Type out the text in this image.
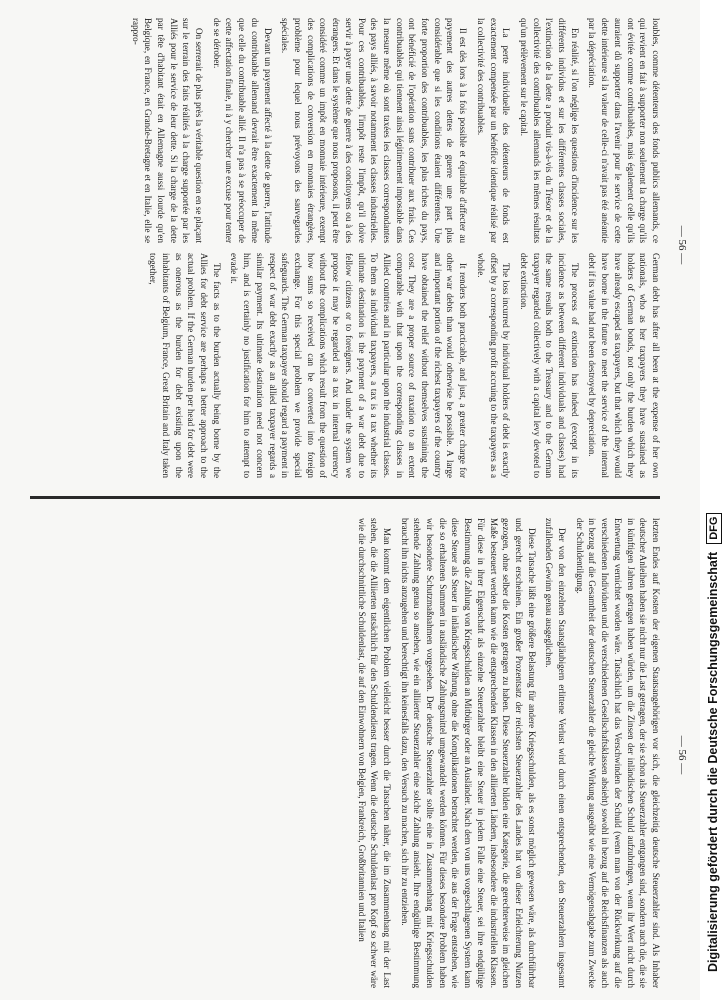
— 56 —

loubles, comme détenteurs des fonds publics allemands, ce qui revient en fait à supporter non seulement la charge qu'ils ont évitée comme contribuables, mais également celle qu'ils auraient dû supporter dans l'avenir pour le service de cette dette intérieure si la valeur de celle-ci n'avait pas été anéantie par la dépréciation.

En réalité, si l'on néglige les questions d'incidence sur les différents individus et sur les différentes classes sociales, l'extinction de la dette a produit vis-à-vis du Trésor et de la collectivité des contribuables allemands les mêmes résultats qu'un prélèvement sur le capital.

La perte individuelle des détenteurs de fonds est exactement compensée par un bénéfice identique réalisé par la collectivité des contribuables.

Il est dès lors à la fois possible et équitable d'affecter au payement des autres dettes de guerre une part plus considérable que si les conditions étaient différentes. Une forte proportion des contribuables, les plus riches du pays, ont bénéficié de l'opération sans contribuer aux frais. Ces contribuables qui tiennent ainsi légitimement imposable dans la mesure même où sont taxées les classes correspondantes des pays alliés, à savoir notamment les classes industrielles. Pour ces contribuables, l'impôt reste l'impôt, qu'il doive servir à payer une dette de guerre à des concitoyens ou à des étrangers. Et dans le système que nous proposons, il peut être considéré comme un impôt en monnaie intérieure, exempt des complications de conversion en monnaies étrangères, problème pour lequel nous prévoyons des sauvegardes spéciales.

Devant un payement affecté à la dette de guerre, l'attitude du contribuable allemand devrait être exactement la même que celle du contribuable allié. Il n'a pas à se préoccuper de cette affectation finale, ni à y chercher une excuse pour tenter de se dérober.

On serrerait de plus près la véritable question en se plaçant sur le terrain des faits réalités à la charge supportée par les Alliés pour le service de leur dette. Si la charge de la dette par tête d'habitant était en Allemagne aussi lourde qu'en Belgique, en France, en Grande-Bretagne et en Italie, elle se rappro-

German debt has after all been at the expense of her own nationals, who as her taxpayers they have sustained as holders of German bonds, not only the burden which they have already escaped as taxpayers, but that which they would have borne in the future to meet the service of the internal debt if its value had not been destroyed by depreciation.

The process of extinction has indeed (except in its incidence as between different individuals and classes) had the same results both to the Treasury and to the German taxpayer regarded collectively with a capital levy devoted to debt extinction.

The loss incurred by individual holders of debt is exactly offset by a corresponding profit accruing to the taxpayers as a whole.

It renders both practicable, and just, a greater charge for other war debts than would otherwise be possible. A large and important portion of the richest taxpayers of the country have obtained the relief without themselves sustaining the cost. They are a proper source of taxation to an extent comparable with that upon the corresponding classes in Allied countries and in particular upon the industrial classes. To them as individual taxpayers, a tax is a tax whether its ultimate destination is the payment of a war debt due to fellow citizens or to foreigners. And under the system we propose it may be regarded as a tax in internal currency without the complications which result from the question of how sums so received can be converted into foreign exchange. For this special problem we provide special safeguards. The German taxpayer should regard a payment in respect of war debt exactly as an allied taxpayer regards a similar payment. Its ultimate destination need not concern him, and is certainly no justification for him to attempt to evade it.

The facts as to the burden actually being borne by the Allies for debt service are perhaps a better approach to the actual problem. If the German burden per head for debt were as onerous as the burden for debt existing upon the inhabitants of Belgium, France, Great Britain and Italy taken together,

— 56 —

letzten Endes auf Kosten der eigenen Staatsangehörigen vor sich, die gleichzeitig deutsche Steuerzahler sind. Als Inhaber deutscher Anleihen haben sie nicht nur die Last getragen, der sie schon als Steuerzahler entgangen sind, sondern auch die, die sie in künftigen Jahren getragen haben würden, um die Zinsen der inländischen Schuld aufzubringen, wenn ihr Wert nicht durch Entwertung vernichtet worden wäre. Tatsächlich hat das Verschwinden der Schuld (wenn man von der Rückwirkung auf die verschiedenen Individuen und die verschiedenen Gesellschaftsklassen absieht) sowohl in bezug auf die Reichsfinanzen als auch in bezug auf die Gesamtheit der deutschen Steuerzahler die gleiche Wirkung ausgeübt wie eine Vermögensabgabe zum Zwecke der Schuldentilgung.

Der von den einzelnen Staatsgläubigern erlittene Verlust wird durch einen entsprechenden, den Steuerzahlern insgesamt zufallenden Gewinn genau ausgeglichen.

Diese Tatsache läßt eine größere Belastung für andere Kriegsschulden, als es sonst möglich gewesen wäre, als durchführbar und gerecht erscheinen. Ein großer Prozentsatz der reichsten Steuerzahler des Landes hat von dieser Erleichterung Nutzen gezogen, ohne selber die Kosten getragen zu haben. Diese Steuerzahler bilden eine Kategorie, die gerechterweise im gleichen Maße besteuert werden kann wie die entsprechenden Klassen in den alliierten Ländern, insbesondere die industriellen Klassen. Für diese in ihrer Eigenschaft als einzelne Steuerzahler bleibt eine Steuer in jedem Falle eine Steuer, sei ihre endgültige Bestimmung die Zahlung von Kriegsschulden an Mitbürger oder an Ausländer. Nach dem von uns vorgeschlagenen System kann diese Steuer als Steuer in inländischer Währung ohne die Komplikationen betrachtet werden, die aus der Frage entstehen, wie die so erhaltenen Summen in ausländische Zahlungsmittel umgewandelt werden können. Für dieses besondere Problem haben wir besondere Schutzmaßnahmen vorgesehen. Der deutsche Steuerzahler sollte eine in Zusammenhang mit Kriegsschulden stehende Zahlung genau so ansehen, wie ein alliierter Steuerzahler eine solche Zahlung ansieht. Ihre endgültige Bestimmung braucht ihn nichts anzugehen und berechtigt ihn keinesfalls dazu, den Versuch zu machen, sich ihr zu entziehen.

Man kommt dem eigentlichen Problem vielleicht besser durch die Tatsachen näher, die im Zusammenhang mit der Last stehen, die die Alliierten tatsächlich für den Schuldendienst tragen. Wenn die deutsche Schuldenlast pro Kopf so schwer wäre wie die durchschnittliche Schuldenlast, die auf den Einwohnern von Belgien, Frankreich, Großbritannien und Italien	Digitalisierung gefördert durch die Deutsche ForschungsgemeinschaftDFG
